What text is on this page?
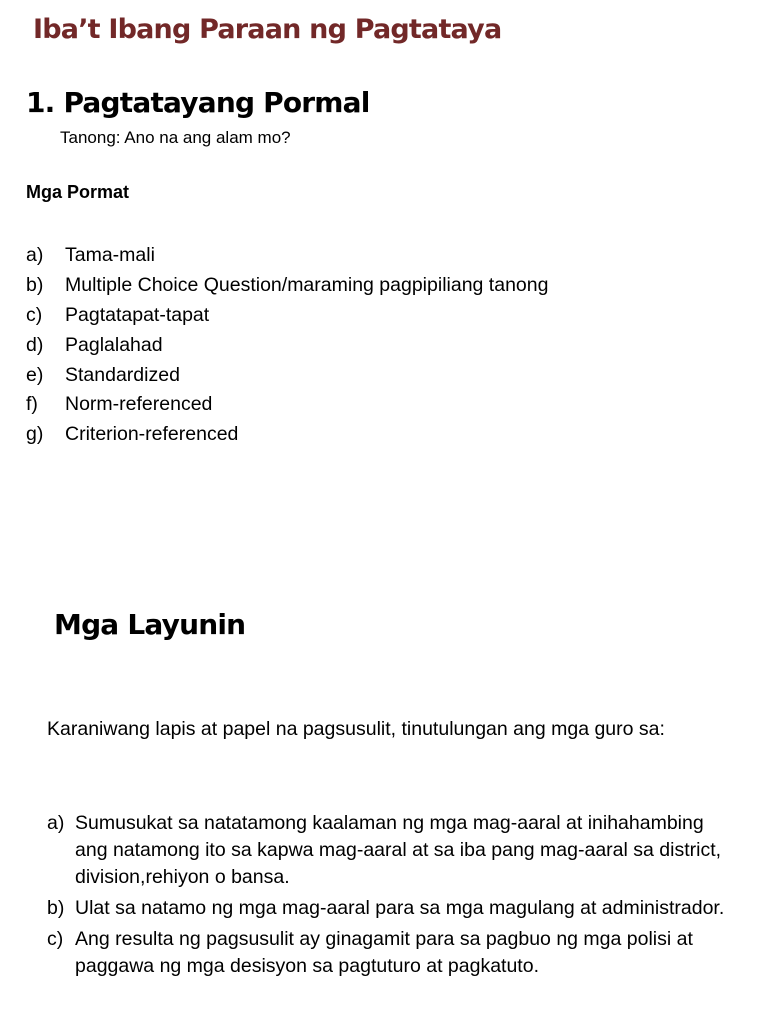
Iba’t Ibang Paraan ng Pagtataya
1. Pagtatayang Pormal
Tanong: Ano na ang alam mo?
Mga Pormat
a)	Tama-mali
b)	Multiple Choice Question/maraming pagpipiliang tanong
c)	Pagtatapat-tapat
d)	Paglalahad
e)	Standardized
f)	Norm-referenced
g)	Criterion-referenced
Mga Layunin

Karaniwang lapis at papel na pagsusulit, tinutulungan ang mga guro sa:

a) Sumusukat sa natatamong kaalaman ng mga mag-aaral at inihahambing ang natamong ito sa kapwa mag-aaral at sa iba pang mag-aaral sa district, division,rehiyon o bansa.
b) Ulat sa natamo ng mga mag-aaral para sa mga magulang at administrador.
c) Ang resulta ng pagsusulit ay ginagamit para sa pagbuo ng mga polisi at paggawa ng mga desisyon sa pagtuturo at pagkatuto.
